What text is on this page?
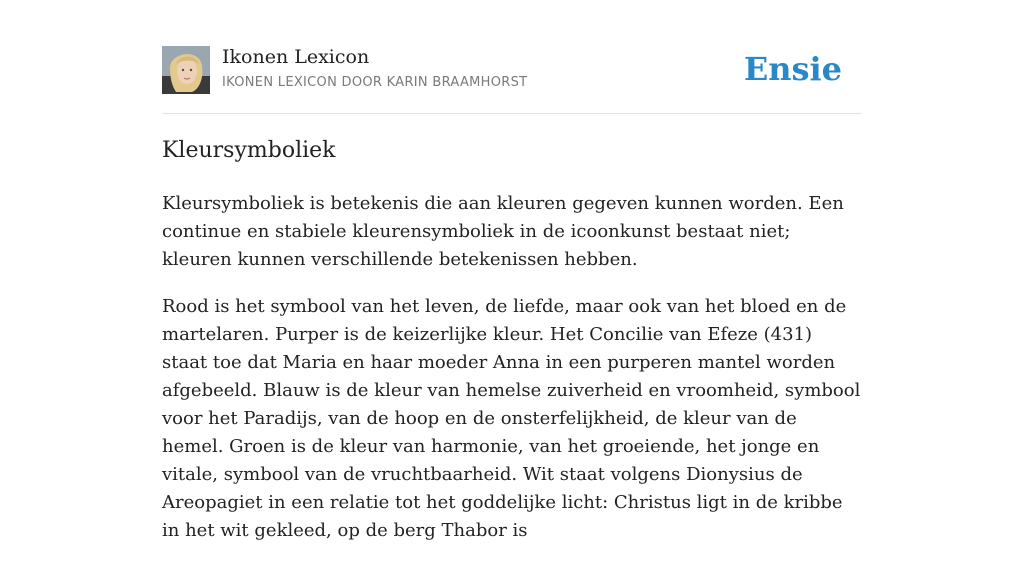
Ikonen Lexicon
IKONEN LEXICON DOOR KARIN BRAAMHORST	Ensie
Kleursymboliek

Kleursymboliek is betekenis die aan kleuren gegeven kunnen worden. Een continue en stabiele kleurensymboliek in de icoonkunst bestaat niet; kleuren kunnen verschillende betekenissen hebben.

Rood is het symbool van het leven, de liefde, maar ook van het bloed en de martelaren. Purper is de keizerlijke kleur. Het Concilie van Efeze (431) staat toe dat Maria en haar moeder Anna in een purperen mantel worden afgebeeld. Blauw is de kleur van hemelse zuiverheid en vroomheid, symbool voor het Paradijs, van de hoop en de onsterfelijkheid, de kleur van de hemel. Groen is de kleur van harmonie, van het groeiende, het jonge en vitale, symbool van de vruchtbaarheid. Wit staat volgens Dionysius de Areopagiet in een relatie tot het goddelijke licht: Christus ligt in de kribbe in het wit gekleed, op de berg Thabor is
